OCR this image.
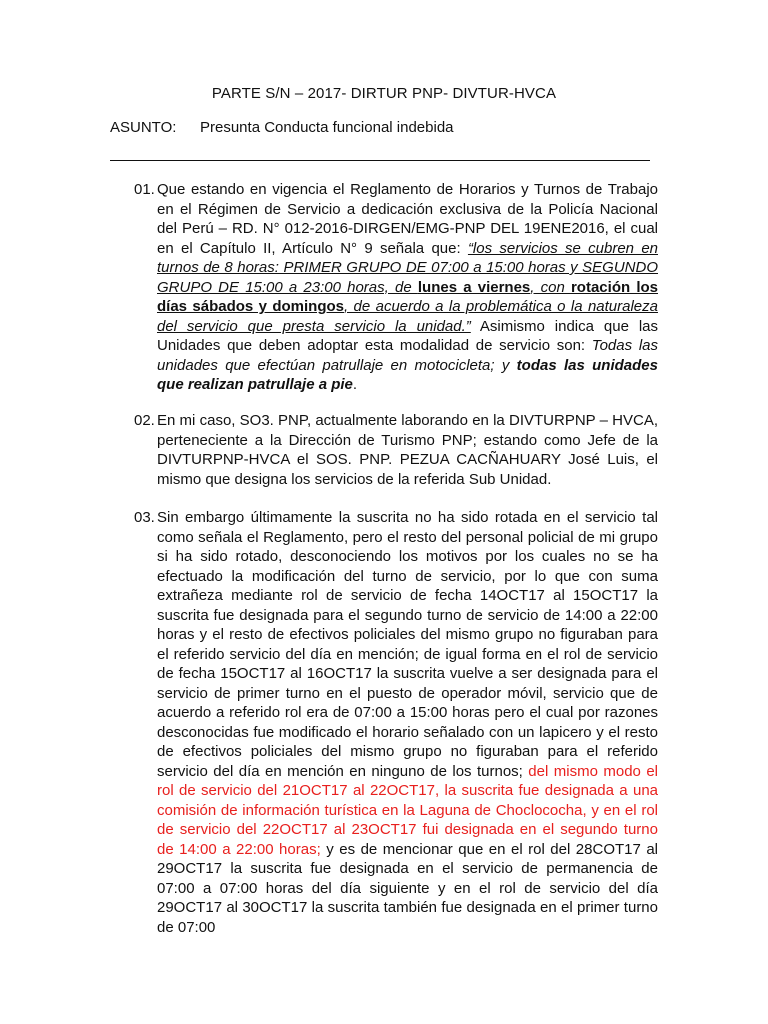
PARTE S/N – 2017- DIRTUR PNP- DIVTUR-HVCA
ASUNTO: Presunta Conducta funcional indebida
01. Que estando en vigencia el Reglamento de Horarios y Turnos de Trabajo en el Régimen de Servicio a dedicación exclusiva de la Policía Nacional del Perú – RD. N° 012-2016-DIRGEN/EMG-PNP DEL 19ENE2016, el cual en el Capítulo II, Artículo N° 9 señala que: “los servicios se cubren en turnos de 8 horas: PRIMER GRUPO DE 07:00 a 15:00 horas y SEGUNDO GRUPO DE 15:00 a 23:00 horas, de lunes a viernes, con rotación los días sábados y domingos, de acuerdo a la problemática o la naturaleza del servicio que presta servicio la unidad.” Asimismo indica que las Unidades que deben adoptar esta modalidad de servicio son: Todas las unidades que efectúan patrullaje en motocicleta; y todas las unidades que realizan patrullaje a pie.
02. En mi caso, SO3. PNP, actualmente laborando en la DIVTURPNP – HVCA, perteneciente a la Dirección de Turismo PNP; estando como Jefe de la DIVTURPNP-HVCA el SOS. PNP. PEZUA CACÑAHUARY José Luis, el mismo que designa los servicios de la referida Sub Unidad.
03. Sin embargo últimamente la suscrita no ha sido rotada en el servicio tal como señala el Reglamento, pero el resto del personal policial de mi grupo si ha sido rotado, desconociendo los motivos por los cuales no se ha efectuado la modificación del turno de servicio, por lo que con suma extrañeza mediante rol de servicio de fecha 14OCT17 al 15OCT17 la suscrita fue designada para el segundo turno de servicio de 14:00 a 22:00 horas y el resto de efectivos policiales del mismo grupo no figuraban para el referido servicio del día en mención; de igual forma en el rol de servicio de fecha 15OCT17 al 16OCT17 la suscrita vuelve a ser designada para el servicio de primer turno en el puesto de operador móvil, servicio que de acuerdo a referido rol era de 07:00 a 15:00 horas pero el cual por razones desconocidas fue modificado el horario señalado con un lapicero y el resto de efectivos policiales del mismo grupo no figuraban para el referido servicio del día en mención en ninguno de los turnos; del mismo modo el rol de servicio del 21OCT17 al 22OCT17, la suscrita fue designada a una comisión de información turística en la Laguna de Choclococha, y en el rol de servicio del 22OCT17 al 23OCT17 fui designada en el segundo turno de 14:00 a 22:00 horas; y es de mencionar que en el rol del 28COT17 al 29OCT17 la suscrita fue designada en el servicio de permanencia de 07:00 a 07:00 horas del día siguiente y en el rol de servicio del día 29OCT17 al 30OCT17 la suscrita también fue designada en el primer turno de 07:00
